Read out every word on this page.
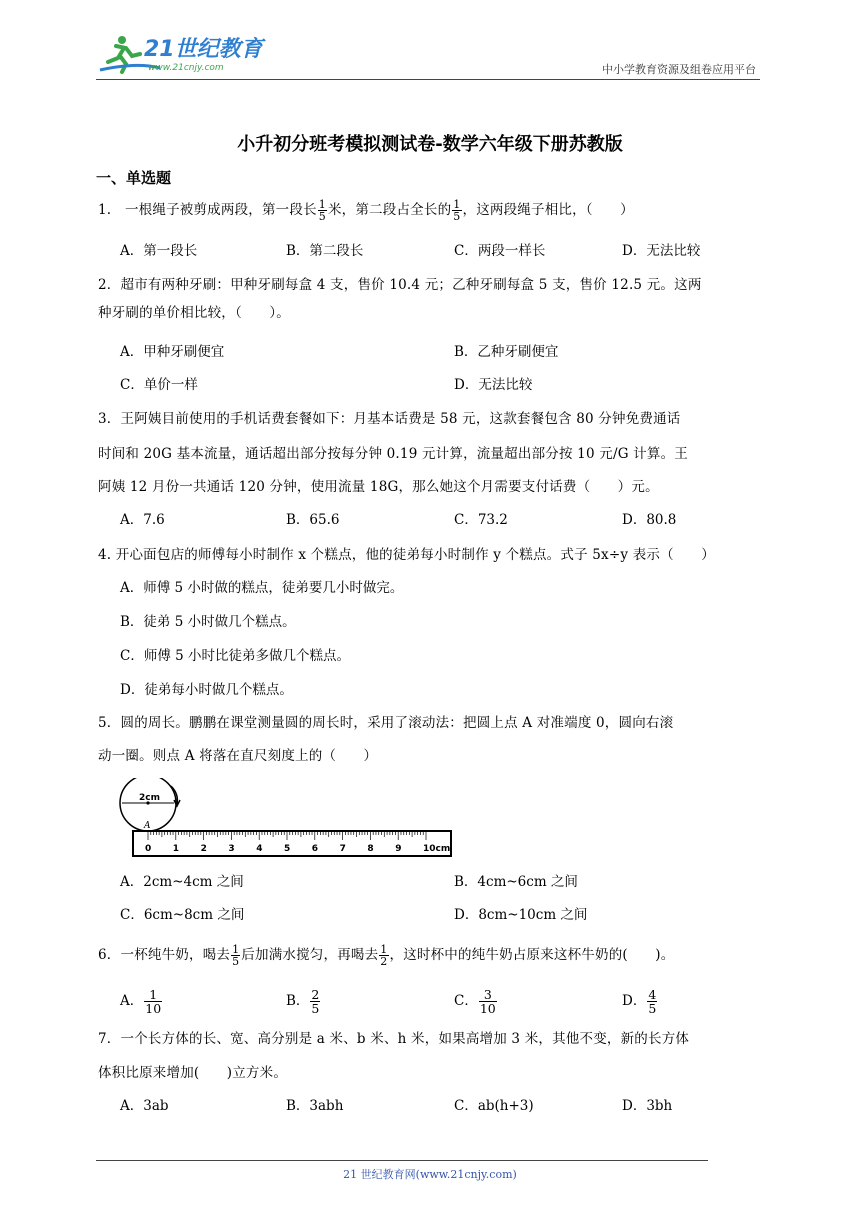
21世纪教育
www.21cnjy.com	中小学教育资源及组卷应用平台
小升初分班考模拟测试卷-数学六年级下册苏教版
一、单选题
1.　一根绳子被剪成两段，第一段长 $\frac{1}{5}$ 米，第二段占全长的 $\frac{1}{5}$ ，这两段绳子相比，（　　）
A．第一段长	B．第二段长	C．两段一样长	D．无法比较
2．超市有两种牙刷：甲种牙刷每盒 4 支，售价 10.4 元；乙种牙刷每盒 5 支，售价 12.5 元。这两
种牙刷的单价相比较，（　　）。
A．甲种牙刷便宜	B．乙种牙刷便宜
C．单价一样	D．无法比较
3．王阿姨目前使用的手机话费套餐如下：月基本话费是 58 元，这款套餐包含 80 分钟免费通话
时间和 20G 基本流量，通话超出部分按每分钟 0.19 元计算，流量超出部分按 10 元/G 计算。王
阿姨 12 月份一共通话 120 分钟，使用流量 18G，那么她这个月需要支付话费（　　）元。
A．7.6	B．65.6	C．73.2	D．80.8
4. 开心面包店的师傅每小时制作 x 个糕点，他的徒弟每小时制作 y 个糕点。式子 5x÷y 表示（　　）
A．师傅 5 小时做的糕点，徒弟要几小时做完。
B．徒弟 5 小时做几个糕点。
C．师傅 5 小时比徒弟多做几个糕点。
D．徒弟每小时做几个糕点。
5．圆的周长。鹏鹏在课堂测量圆的周长时，采用了滚动法：把圆上点 A 对准端度 0，圆向右滚
动一圈。则点 A 将落在直尺刻度上的（　　）
2cm
A
0 1 2 3 4 5 6 7 8 9 10cm
A．2cm~4cm 之间	B．4cm~6cm 之间
C．6cm~8cm 之间	D．8cm~10cm 之间
6．一杯纯牛奶，喝去 $\frac{1}{5}$ 后加满水搅匀，再喝去 $\frac{1}{2}$ ，这时杯中的纯牛奶占原来这杯牛奶的(　　)。
A． $\frac{1}{10}$	B． $\frac{2}{5}$	C． $\frac{3}{10}$	D． $\frac{4}{5}$
7．一个长方体的长、宽、高分别是 a 米、b 米、h 米，如果高增加 3 米，其他不变，新的长方体
体积比原来增加(　　)立方米。
A．3ab	B．3abh	C．ab(h+3)	D．3bh
21 世纪教育网(www.21cnjy.com)
